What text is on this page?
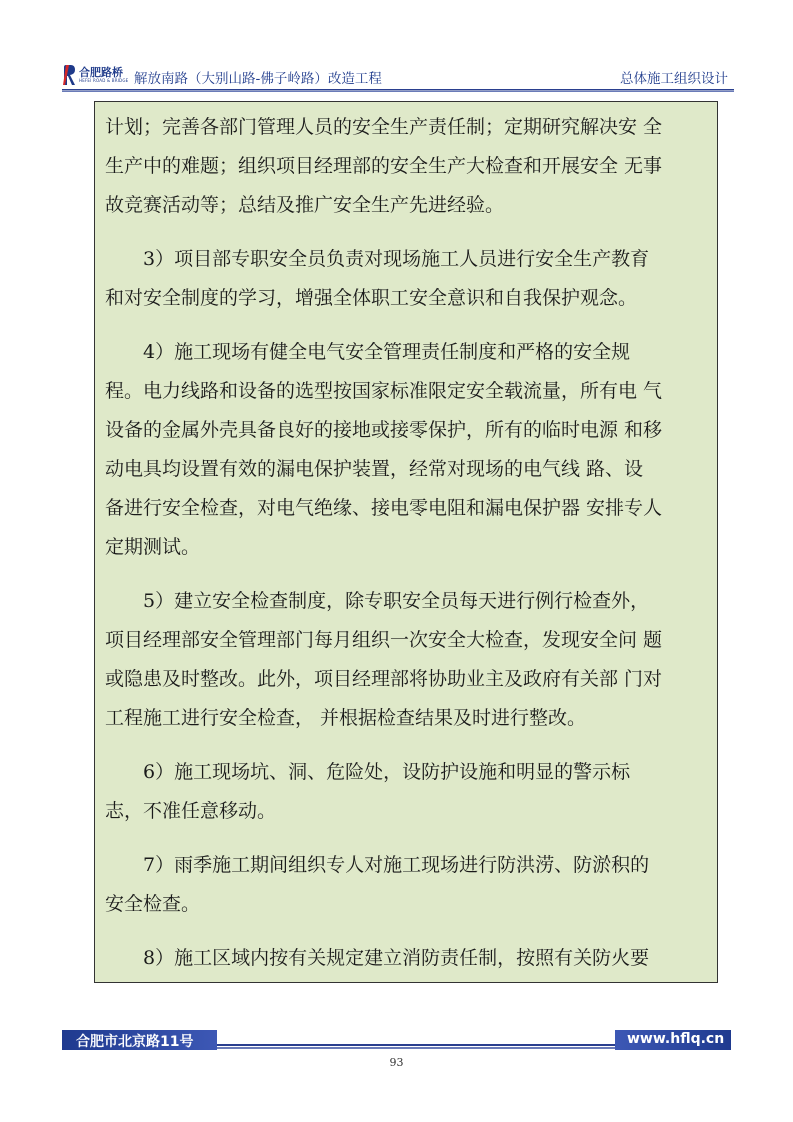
合肥路桥
HEFEI ROAD & BRIDGE 解放南路（大别山路-佛子岭路）改造工程	总体施工组织设计

计划；完善各部门管理人员的安全生产责任制；定期研究解决安 全
生产中的难题；组织项目经理部的安全生产大检查和开展安全 无事
故竞赛活动等；总结及推广安全生产先进经验。

3）项目部专职安全员负责对现场施工人员进行安全生产教育
和对安全制度的学习，增强全体职工安全意识和自我保护观念。

4）施工现场有健全电气安全管理责任制度和严格的安全规
程。电力线路和设备的选型按国家标准限定安全载流量，所有电 气
设备的金属外壳具备良好的接地或接零保护，所有的临时电源 和移
动电具均设置有效的漏电保护装置，经常对现场的电气线 路、设
备进行安全检查，对电气绝缘、接电零电阻和漏电保护器 安排专人
定期测试。

5）建立安全检查制度，除专职安全员每天进行例行检查外，
项目经理部安全管理部门每月组织一次安全大检查，发现安全问 题
或隐患及时整改。此外，项目经理部将协助业主及政府有关部 门对
工程施工进行安全检查， 并根据检查结果及时进行整改。

6）施工现场坑、洞、危险处，设防护设施和明显的警示标
志，不准任意移动。

7）雨季施工期间组织专人对施工现场进行防洪涝、防淤积的
安全检查。

8）施工区域内按有关规定建立消防责任制，按照有关防火要

合肥市北京路11号	www.hflq.cn
93
